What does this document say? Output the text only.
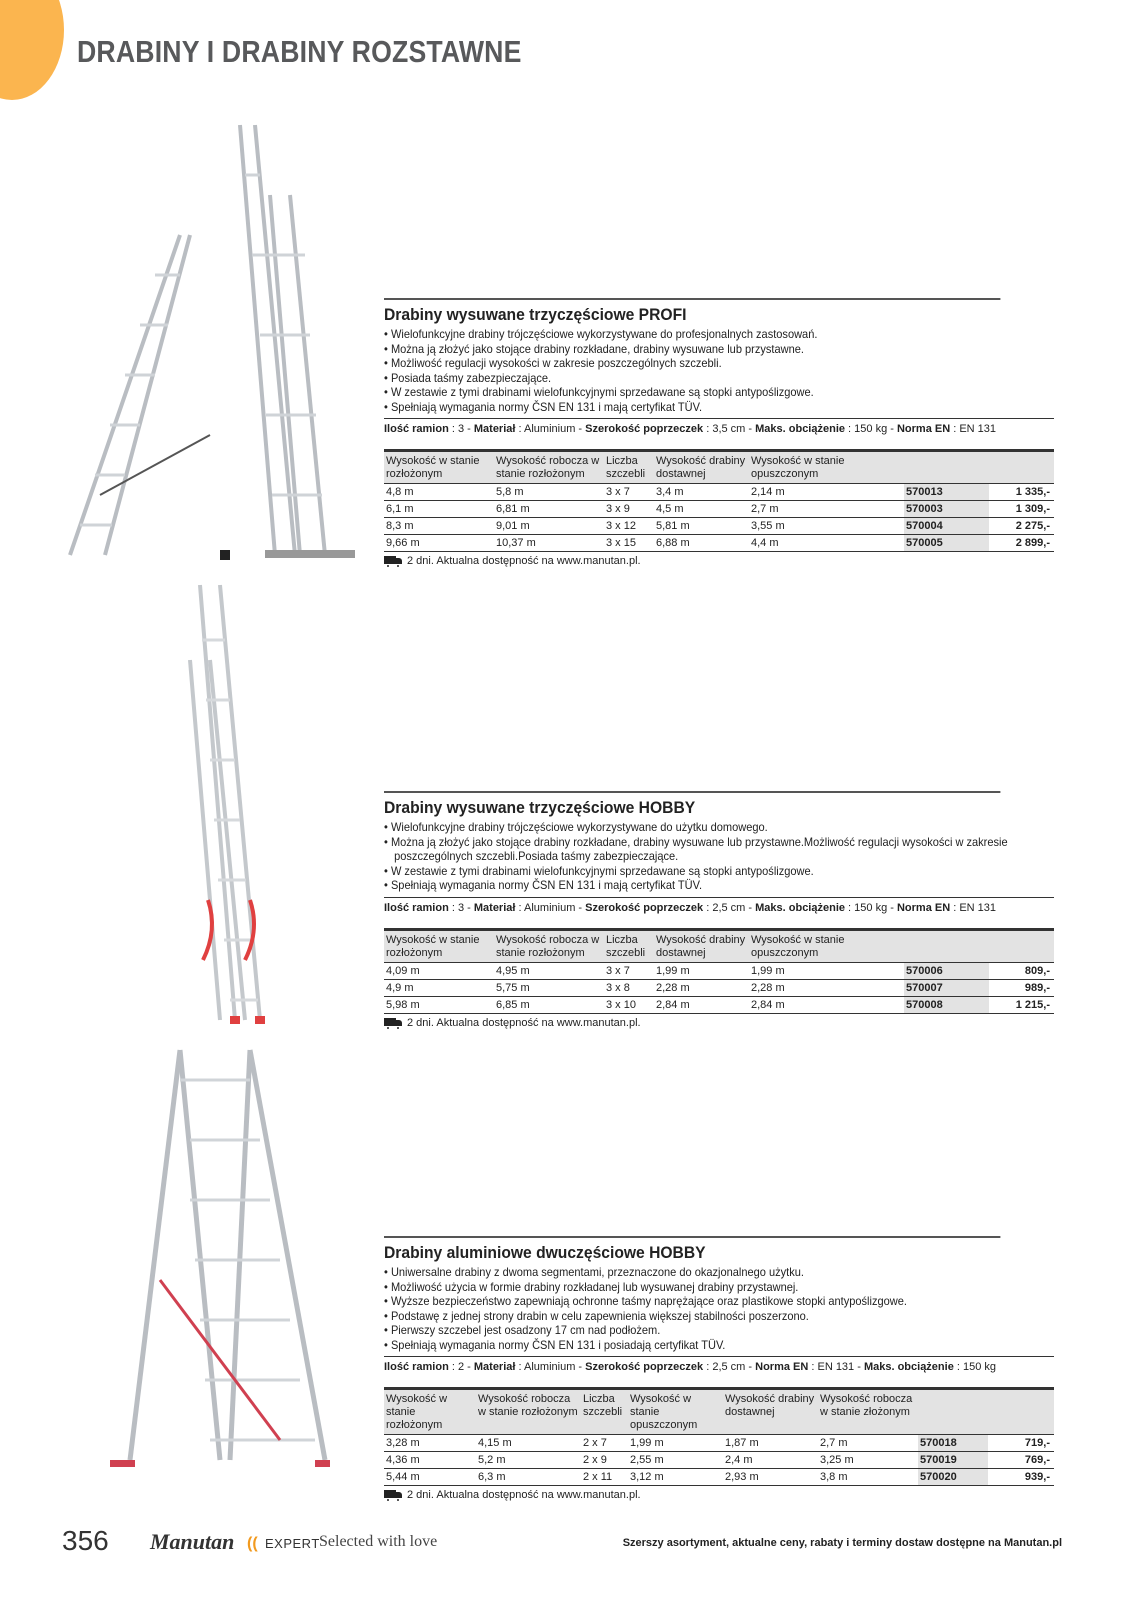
DRABINY I DRABINY ROZSTAWNE
Drabiny wysuwane trzyczęściowe PROFI
• Wielofunkcyjne drabiny trójczęściowe wykorzystywane do profesjonalnych zastosowań.
• Można ją złożyć jako stojące drabiny rozkładane, drabiny wysuwane lub przystawne.
• Możliwość regulacji wysokości w zakresie poszczególnych szczebli.
• Posiada taśmy zabezpieczające.
• W zestawie z tymi drabinami wielofunkcyjnymi sprzedawane są stopki antypoślizgowe.
• Spełniają wymagania normy ČSN EN 131 i mają certyfikat TÜV.
Ilość ramion : 3 - Materiał : Aluminium - Szerokość poprzeczek : 3,5 cm - Maks. obciążenie : 150 kg - Norma EN : EN 131
Wysokość w stanie rozłożonym	Wysokość robocza w stanie rozłożonym	Liczba szczebli	Wysokość drabiny dostawnej	Wysokość w stanie opuszczonym		
4,8 m	5,8 m	3 x 7	3,4 m	2,14 m	570013	1 335,-
6,1 m	6,81 m	3 x 9	4,5 m	2,7 m	570003	1 309,-
8,3 m	9,01 m	3 x 12	5,81 m	3,55 m	570004	2 275,-
9,66 m	10,37 m	3 x 15	6,88 m	4,4 m	570005	2 899,-
2 dni. Aktualna dostępność na www.manutan.pl.
Drabiny wysuwane trzyczęściowe HOBBY
• Wielofunkcyjne drabiny trójczęściowe wykorzystywane do użytku domowego.
• Można ją złożyć jako stojące drabiny rozkładane, drabiny wysuwane lub przystawne.Możliwość regulacji wysokości w zakresie poszczególnych szczebli.Posiada taśmy zabezpieczające.
• W zestawie z tymi drabinami wielofunkcyjnymi sprzedawane są stopki antypoślizgowe.
• Spełniają wymagania normy ČSN EN 131 i mają certyfikat TÜV.
Ilość ramion : 3 - Materiał : Aluminium - Szerokość poprzeczek : 2,5 cm - Maks. obciążenie : 150 kg - Norma EN : EN 131
Wysokość w stanie rozłożonym	Wysokość robocza w stanie rozłożonym	Liczba szczebli	Wysokość drabiny dostawnej	Wysokość w stanie opuszczonym		
4,09 m	4,95 m	3 x 7	1,99 m	1,99 m	570006	809,-
4,9 m	5,75 m	3 x 8	2,28 m	2,28 m	570007	989,-
5,98 m	6,85 m	3 x 10	2,84 m	2,84 m	570008	1 215,-
2 dni. Aktualna dostępność na www.manutan.pl.
Drabiny aluminiowe dwuczęściowe HOBBY
• Uniwersalne drabiny z dwoma segmentami, przeznaczone do okazjonalnego użytku.
• Możliwość użycia w formie drabiny rozkładanej lub wysuwanej drabiny przystawnej.
• Wyższe bezpieczeństwo zapewniają ochronne taśmy naprężające oraz plastikowe stopki antypoślizgowe.
• Podstawę z jednej strony drabin w celu zapewnienia większej stabilności poszerzono.
• Pierwszy szczebel jest osadzony 17 cm nad podłożem.
• Spełniają wymagania normy ČSN EN 131 i posiadają certyfikat TÜV.
Ilość ramion : 2 - Materiał : Aluminium - Szerokość poprzeczek : 2,5 cm - Norma EN : EN 131 - Maks. obciążenie : 150 kg
Wysokość w stanie rozłożonym	Wysokość robocza w stanie rozłożonym	Liczba szczebli	Wysokość w stanie opuszczonym	Wysokość drabiny dostawnej	Wysokość robocza w stanie złożonym		
3,28 m	4,15 m	2 x 7	1,99 m	1,87 m	2,7 m	570018	719,-
4,36 m	5,2 m	2 x 9	2,55 m	2,4 m	3,25 m	570019	769,-
5,44 m	6,3 m	2 x 11	3,12 m	2,93 m	3,8 m	570020	939,-
2 dni. Aktualna dostępność na www.manutan.pl.
356 Manutan (( EXPERT Selected with love	Szerszy asortyment, aktualne ceny, rabaty i terminy dostaw dostępne na Manutan.pl
